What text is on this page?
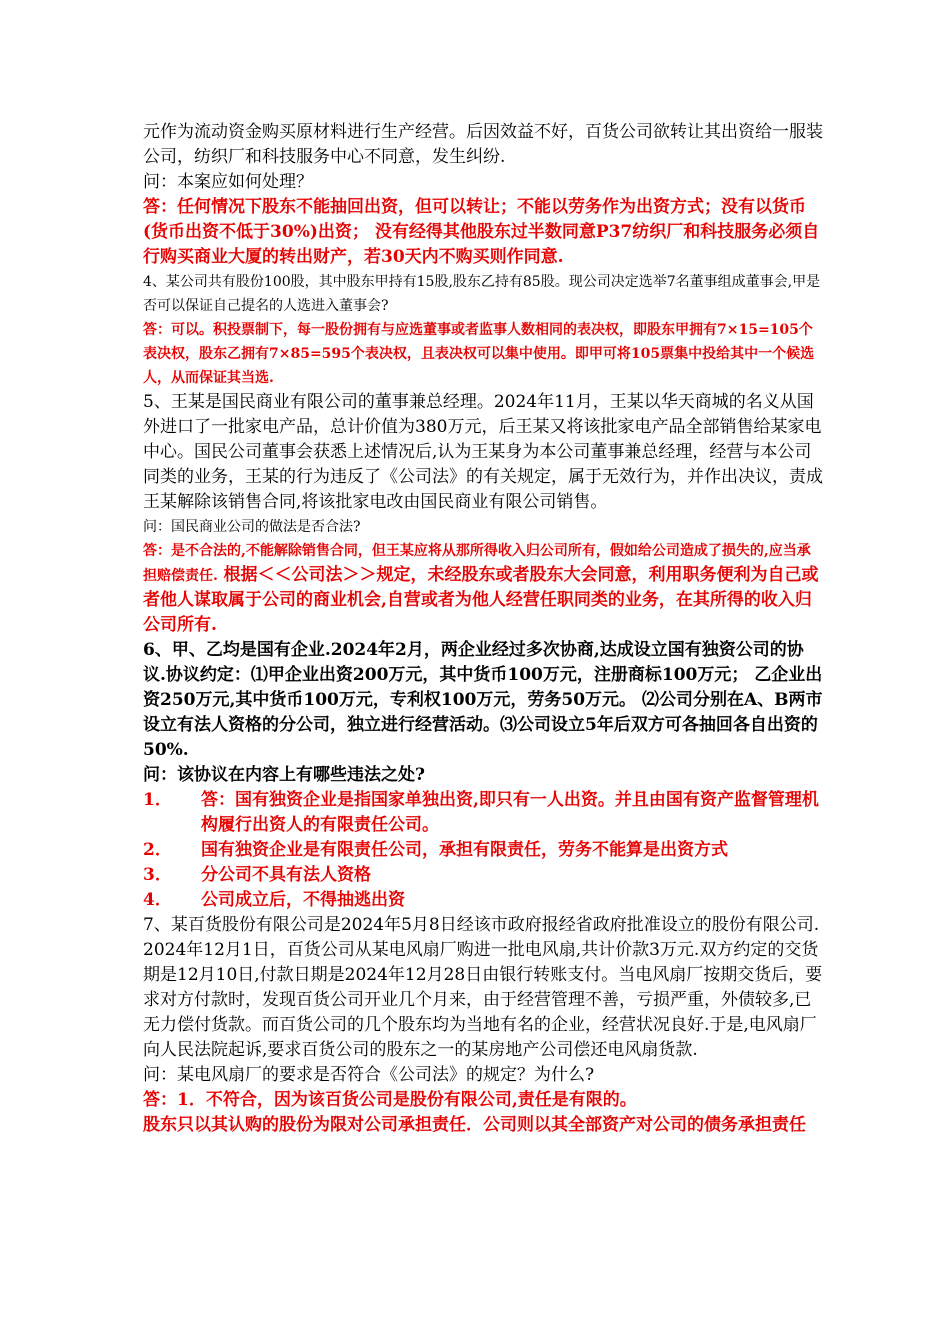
元作为流动资金购买原材料进行生产经营。后因效益不好，百货公司欲转让其出资给一服装公司，纺织厂和科技服务中心不同意，发生纠纷.

问：本案应如何处理？

答：任何情况下股东不能抽回出资，但可以转让；不能以劳务作为出资方式；没有以货币(货币出资不低于30%)出资； 没有经得其他股东过半数同意P37纺织厂和科技服务必须自行购买商业大厦的转出财产，若30天内不购买则作同意.

4、某公司共有股份100股，其中股东甲持有15股,股东乙持有85股。现公司决定选举7名董事组成董事会,甲是否可以保证自己提名的人选进入董事会?

答：可以。积投票制下，每一股份拥有与应选董事或者监事人数相同的表决权，即股东甲拥有7×15=105个表决权，股东乙拥有7×85=595个表决权，且表决权可以集中使用。即甲可将105票集中投给其中一个候选人，从而保证其当选.

5、王某是国民商业有限公司的董事兼总经理。2024年11月，王某以华天商城的名义从国外进口了一批家电产品，总计价值为380万元，后王某又将该批家电产品全部销售给某家电中心。国民公司董事会获悉上述情况后,认为王某身为本公司董事兼总经理，经营与本公司同类的业务，王某的行为违反了《公司法》的有关规定，属于无效行为，并作出决议，责成王某解除该销售合同,将该批家电改由国民商业有限公司销售。

问：国民商业公司的做法是否合法?

答：是不合法的,不能解除销售合同，但王某应将从那所得收入归公司所有，假如给公司造成了损失的,应当承担赔偿责任. 根据＜＜公司法＞＞规定，未经股东或者股东大会同意，利用职务便利为自己或者他人谋取属于公司的商业机会,自营或者为他人经营任职同类的业务，在其所得的收入归公司所有.

6、甲、乙均是国有企业.2024年2月，两企业经过多次协商,达成设立国有独资公司的协议.协议约定：⑴甲企业出资200万元，其中货币100万元，注册商标100万元； 乙企业出资250万元,其中货币100万元，专利权100万元，劳务50万元。 ⑵公司分别在A、B两市设立有法人资格的分公司，独立进行经营活动。⑶公司设立5年后双方可各抽回各自出资的50%.

问：该协议在内容上有哪些违法之处?

1．	答：国有独资企业是指国家单独出资,即只有一人出资。并且由国有资产监督管理机构履行出资人的有限责任公司。
2．	国有独资企业是有限责任公司，承担有限责任，劳务不能算是出资方式
3．	分公司不具有法人资格
4．	公司成立后，不得抽逃出资

7、某百货股份有限公司是2024年5月8日经该市政府报经省政府批准设立的股份有限公司.2024年12月1日，百货公司从某电风扇厂购进一批电风扇,共计价款3万元.双方约定的交货期是12月10日,付款日期是2024年12月28日由银行转账支付。当电风扇厂按期交货后，要求对方付款时，发现百货公司开业几个月来，由于经营管理不善，亏损严重，外债较多,已无力偿付货款。而百货公司的几个股东均为当地有名的企业，经营状况良好.于是,电风扇厂向人民法院起诉,要求百货公司的股东之一的某房地产公司偿还电风扇货款.

问：某电风扇厂的要求是否符合《公司法》的规定？为什么?

答：1．不符合，因为该百货公司是股份有限公司,责任是有限的。

股东只以其认购的股份为限对公司承担责任．公司则以其全部资产对公司的债务承担责任
